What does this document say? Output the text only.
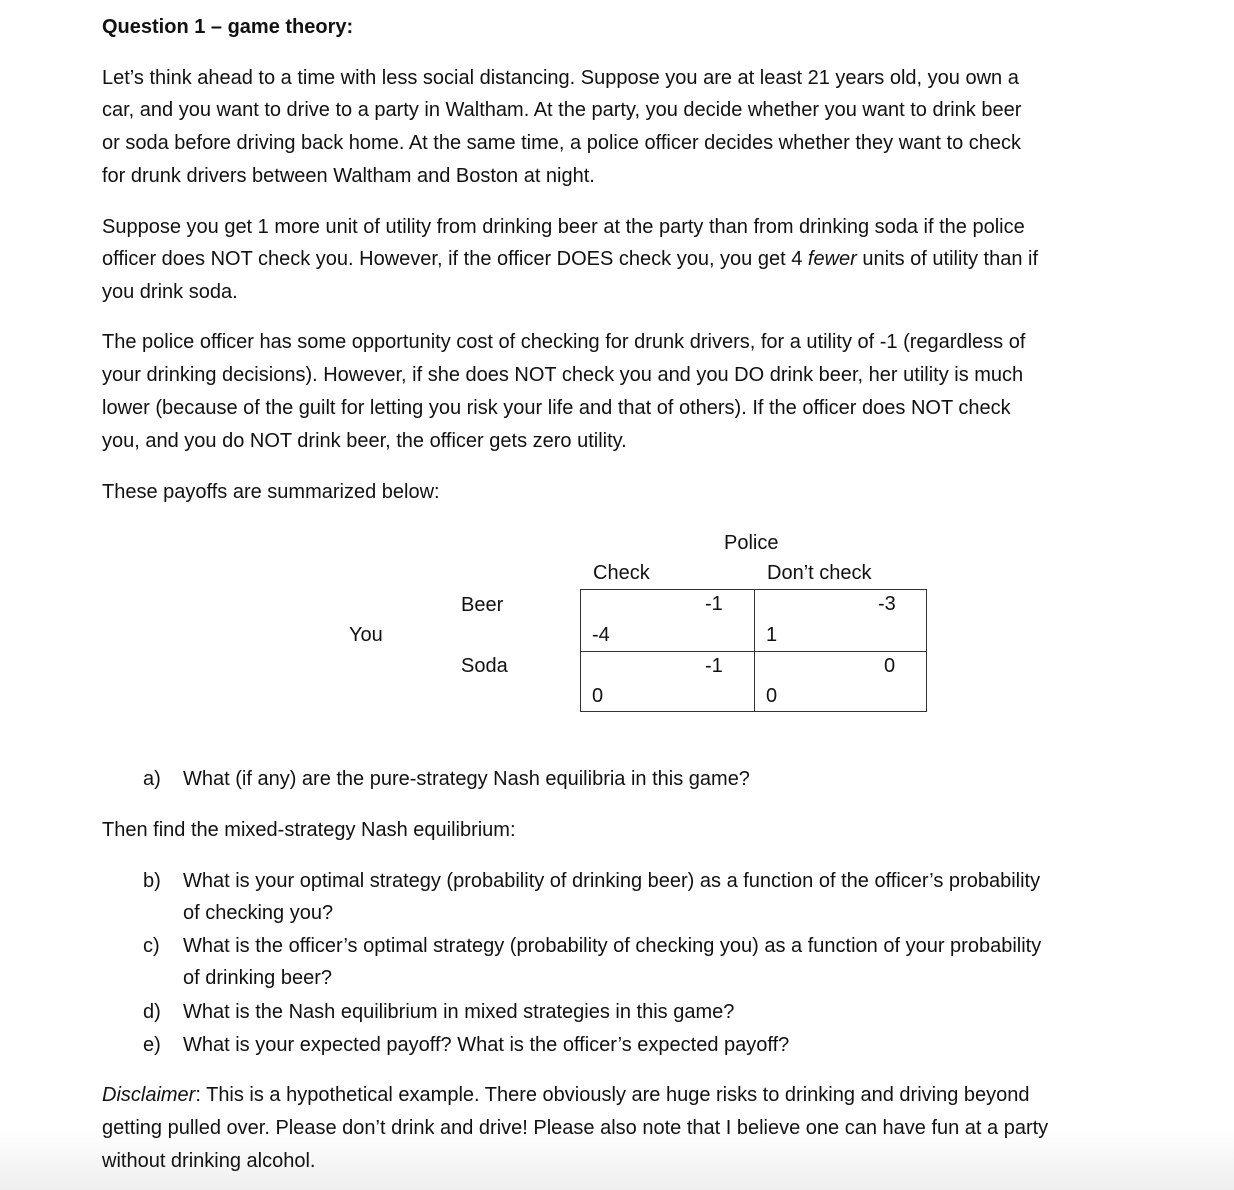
Question 1 – game theory:
Let’s think ahead to a time with less social distancing. Suppose you are at least 21 years old, you own a
car, and you want to drive to a party in Waltham. At the party, you decide whether you want to drink beer
or soda before driving back home. At the same time, a police officer decides whether they want to check
for drunk drivers between Waltham and Boston at night.
Suppose you get 1 more unit of utility from drinking beer at the party than from drinking soda if the police
officer does NOT check you. However, if the officer DOES check you, you get 4 fewer units of utility than if
you drink soda.
The police officer has some opportunity cost of checking for drunk drivers, for a utility of -1 (regardless of
your drinking decisions). However, if she does NOT check you and you DO drink beer, her utility is much
lower (because of the guilt for letting you risk your life and that of others). If the officer does NOT check
you, and you do NOT drink beer, the officer gets zero utility.
These payoffs are summarized below:
Police
Check	Don’t check
You
Beer
Soda
-1
-4
-3
1
-1
0
0
0
a) What (if any) are the pure-strategy Nash equilibria in this game?
Then find the mixed-strategy Nash equilibrium:
b) What is your optimal strategy (probability of drinking beer) as a function of the officer’s probability
of checking you?
c) What is the officer’s optimal strategy (probability of checking you) as a function of your probability
of drinking beer?
d) What is the Nash equilibrium in mixed strategies in this game?
e) What is your expected payoff? What is the officer’s expected payoff?
Disclaimer: This is a hypothetical example. There obviously are huge risks to drinking and driving beyond
getting pulled over. Please don’t drink and drive! Please also note that I believe one can have fun at a party
without drinking alcohol.
